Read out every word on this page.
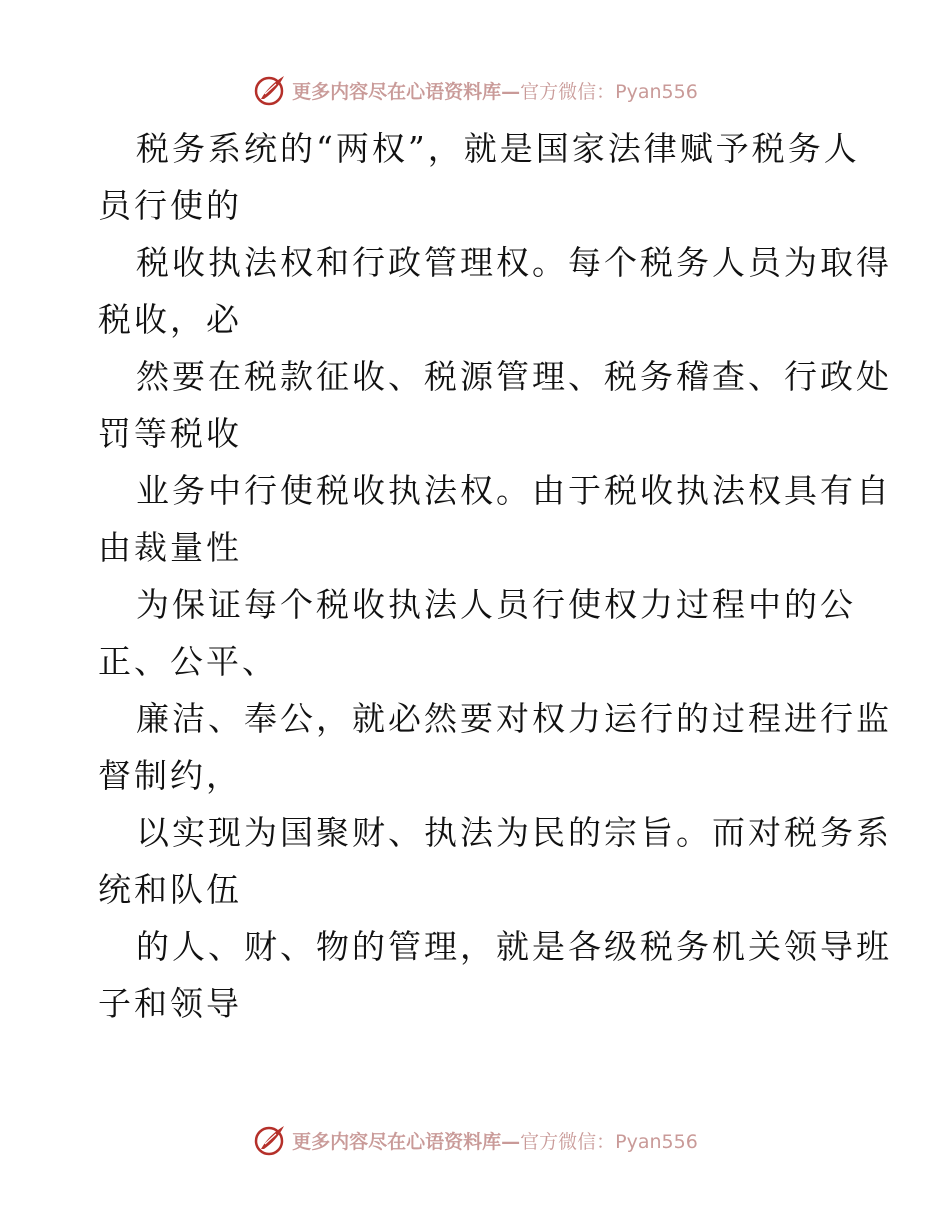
更多内容尽在心语资料库— 官方微信：Pyan556
税务系统的“两权”，就是国家法律赋予税务人
员行使的
税收执法权和行政管理权。每个税务人员为取得
税收，必
然要在税款征收、税源管理、税务稽查、行政处
罚等税收
业务中行使税收执法权。由于税收执法权具有自
由裁量性
为保证每个税收执法人员行使权力过程中的公
正、公平、
廉洁、奉公，就必然要对权力运行的过程进行监
督制约，
以实现为国聚财、执法为民的宗旨。而对税务系
统和队伍
的人、财、物的管理，就是各级税务机关领导班
子和领导
更多内容尽在心语资料库— 官方微信：Pyan556
